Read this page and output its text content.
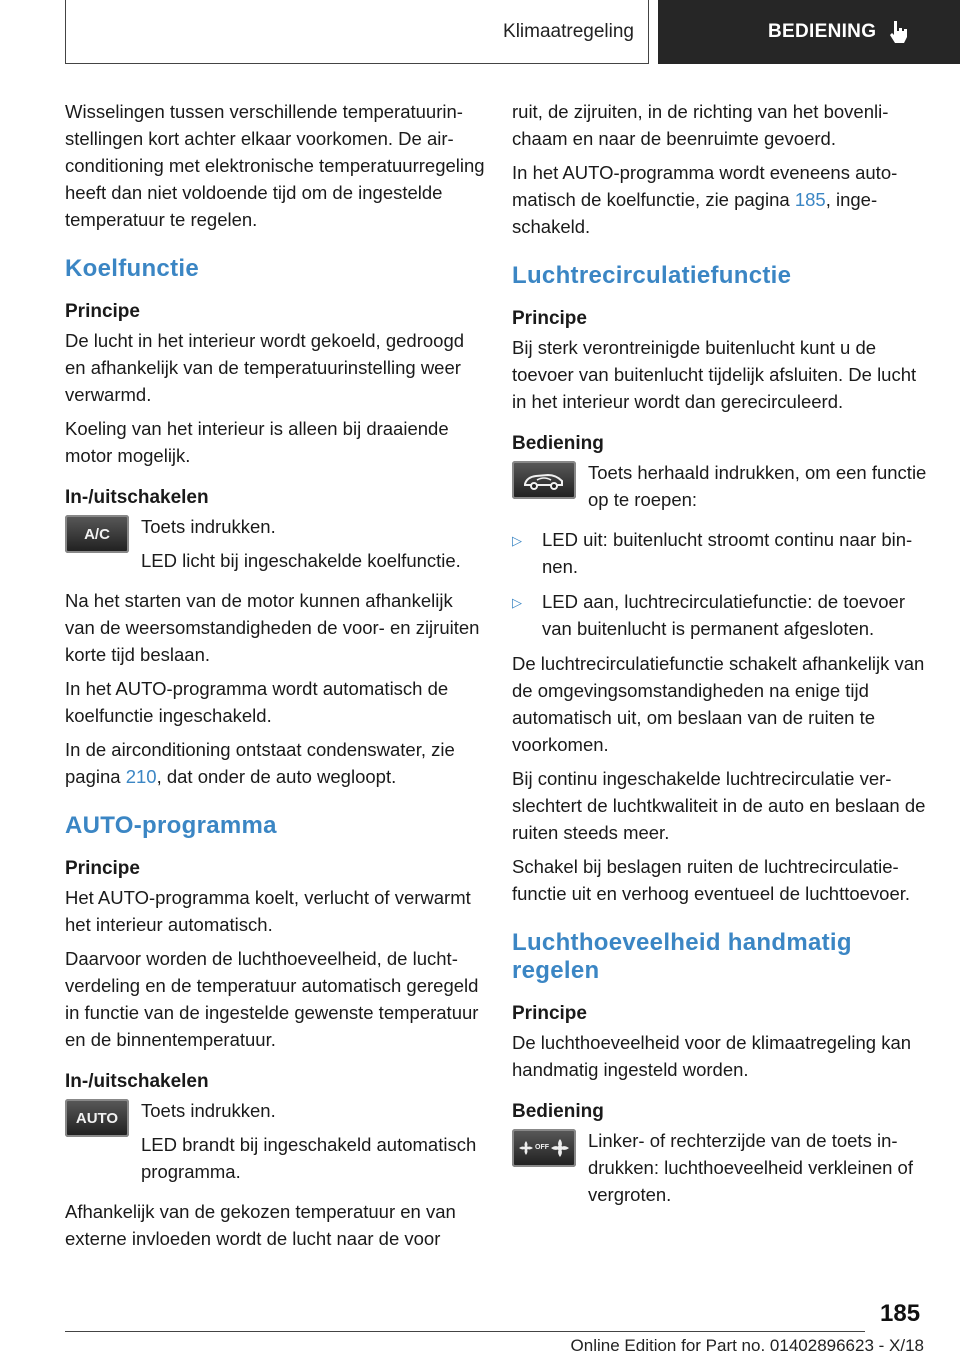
Klimaatregeling	BEDIENING

Wisselingen tussen verschillende temperatuurinstellingen kort achter elkaar voorkomen. De airconditioning met elektronische temperatuurregeling heeft dan niet voldoende tijd om de ingestelde temperatuur te regelen.

Koelfunctie
Principe

De lucht in het interieur wordt gekoeld, gedroogd en afhankelijk van de temperatuurinstelling weer verwarmd.

Koeling van het interieur is alleen bij draaiende motor mogelijk.

In-/uitschakelen
A/C Toets indrukken.

LED licht bij ingeschakelde koelfunctie.

Na het starten van de motor kunnen afhankelijk van de weersomstandigheden de voor- en zijruiten korte tijd beslaan.

In het AUTO-programma wordt automatisch de koelfunctie ingeschakeld.

In de airconditioning ontstaat condenswater, zie pagina 210, dat onder de auto wegloopt.

AUTO-programma
Principe

Het AUTO-programma koelt, verlucht of verwarmt het interieur automatisch.

Daarvoor worden de luchthoeveelheid, de luchtverdeling en de temperatuur automatisch geregeld in functie van de ingestelde gewenste temperatuur en de binnentemperatuur.

In-/uitschakelen
AUTO Toets indrukken.

LED brandt bij ingeschakeld automatisch programma.

Afhankelijk van de gekozen temperatuur en van externe invloeden wordt de lucht naar de voor

ruit, de zijruiten, in de richting van het bovenlichaam en naar de beenruimte gevoerd.

In het AUTO-programma wordt eveneens automatisch de koelfunctie, zie pagina 185, ingeschakeld.

Luchtrecirculatiefunctie
Principe

Bij sterk verontreinigde buitenlucht kunt u de toevoer van buitenlucht tijdelijk afsluiten. De lucht in het interieur wordt dan gerecirculeerd.

Bediening

Toets herhaald indrukken, om een functie op te roepen:

▷	LED uit: buitenlucht stroomt continu naar binnen.
▷	LED aan, luchtrecirculatiefunctie: de toevoer van buitenlucht is permanent afgesloten.

De luchtrecirculatiefunctie schakelt afhankelijk van de omgevingsomstandigheden na enige tijd automatisch uit, om beslaan van de ruiten te voorkomen.

Bij continu ingeschakelde luchtrecirculatie verslechtert de luchtkwaliteit in de auto en beslaan de ruiten steeds meer.

Schakel bij beslagen ruiten de luchtrecirculatiefunctie uit en verhoog eventueel de luchttoevoer.

Luchthoeveelheid handmatig regelen
Principe

De luchthoeveelheid voor de klimaatregeling kan handmatig ingesteld worden.

Bediening
OFF Linker- of rechterzijde van de toets indrukken: luchthoeveelheid verkleinen of vergroten.

185
Online Edition for Part no. 01402896623 - X/18
